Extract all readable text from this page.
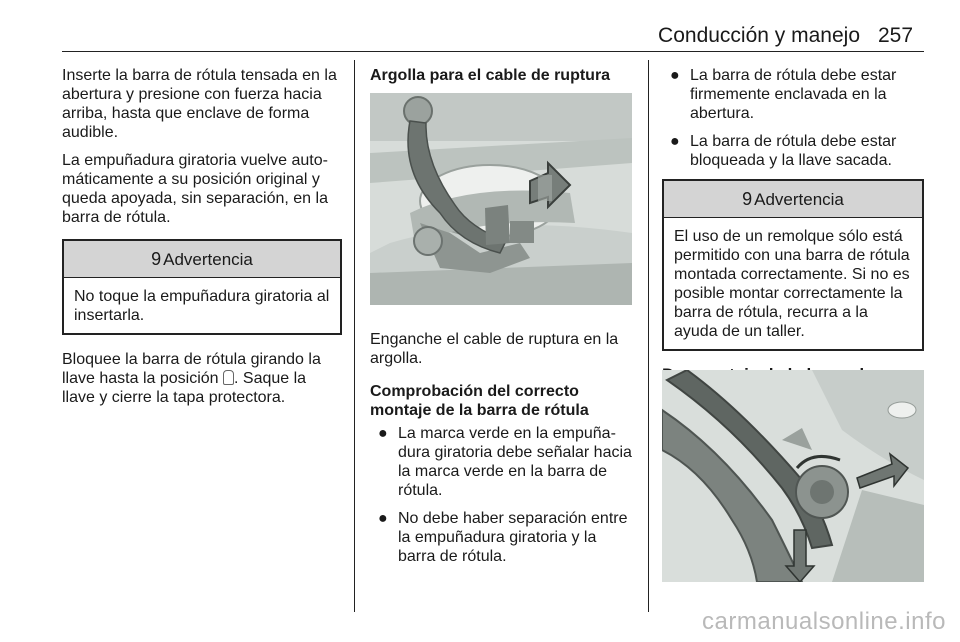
Conducción y manejo 257

Inserte la barra de rótula tensada en la abertura y presione con fuerza hacia arriba, hasta que enclave de forma audible.

La empuñadura giratoria vuelve auto-máticamente a su posición original y queda apoyada, sin separación, en la barra de rótula.

9 Advertencia
No toque la empuñadura giratoria al insertarla.

Bloquee la barra de rótula girando la llave hasta la posición . Saque la llave y cierre la tapa protectora.

Argolla para el cable de ruptura

Enganche el cable de ruptura en la argolla.

Comprobación del correcto montaje de la barra de rótula

● La marca verde en la empuña-dura giratoria debe señalar hacia la marca verde en la barra de rótula.
● No debe haber separación entre la empuñadura giratoria y la barra de rótula.
● La barra de rótula debe estar firmemente enclavada en la abertura.
● La barra de rótula debe estar bloqueada y la llave sacada.
9 Advertencia
El uso de un remolque sólo está permitido con una barra de rótula montada correctamente. Si no es posible montar correctamente la barra de rótula, recurra a la ayuda de un taller.

carmanualsonline.info
